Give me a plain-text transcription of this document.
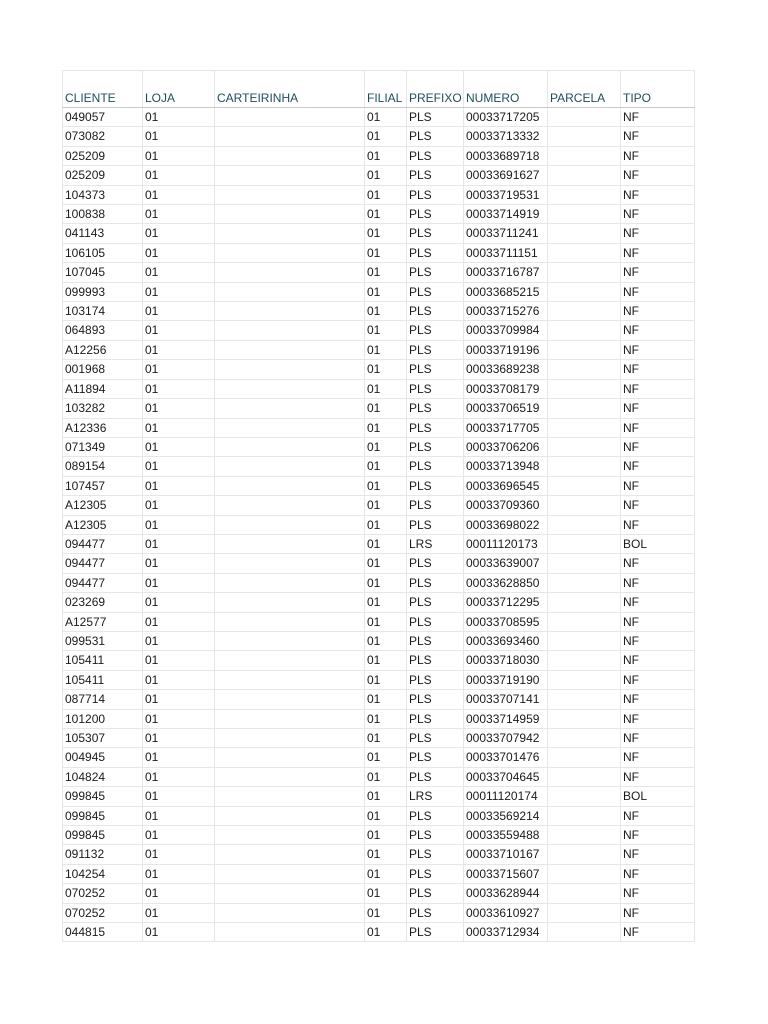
CLIENTE	LOJA	CARTEIRINHA	FILIAL	PREFIXO	NUMERO	PARCELA	TIPO
049057	01		01	PLS	00033717205		NF
073082	01		01	PLS	00033713332		NF
025209	01		01	PLS	00033689718		NF
025209	01		01	PLS	00033691627		NF
104373	01		01	PLS	00033719531		NF
100838	01		01	PLS	00033714919		NF
041143	01		01	PLS	00033711241		NF
106105	01		01	PLS	00033711151		NF
107045	01		01	PLS	00033716787		NF
099993	01		01	PLS	00033685215		NF
103174	01		01	PLS	00033715276		NF
064893	01		01	PLS	00033709984		NF
A12256	01		01	PLS	00033719196		NF
001968	01		01	PLS	00033689238		NF
A11894	01		01	PLS	00033708179		NF
103282	01		01	PLS	00033706519		NF
A12336	01		01	PLS	00033717705		NF
071349	01		01	PLS	00033706206		NF
089154	01		01	PLS	00033713948		NF
107457	01		01	PLS	00033696545		NF
A12305	01		01	PLS	00033709360		NF
A12305	01		01	PLS	00033698022		NF
094477	01		01	LRS	00011120173		BOL
094477	01		01	PLS	00033639007		NF
094477	01		01	PLS	00033628850		NF
023269	01		01	PLS	00033712295		NF
A12577	01		01	PLS	00033708595		NF
099531	01		01	PLS	00033693460		NF
105411	01		01	PLS	00033718030		NF
105411	01		01	PLS	00033719190		NF
087714	01		01	PLS	00033707141		NF
101200	01		01	PLS	00033714959		NF
105307	01		01	PLS	00033707942		NF
004945	01		01	PLS	00033701476		NF
104824	01		01	PLS	00033704645		NF
099845	01		01	LRS	00011120174		BOL
099845	01		01	PLS	00033569214		NF
099845	01		01	PLS	00033559488		NF
091132	01		01	PLS	00033710167		NF
104254	01		01	PLS	00033715607		NF
070252	01		01	PLS	00033628944		NF
070252	01		01	PLS	00033610927		NF
044815	01		01	PLS	00033712934		NF
